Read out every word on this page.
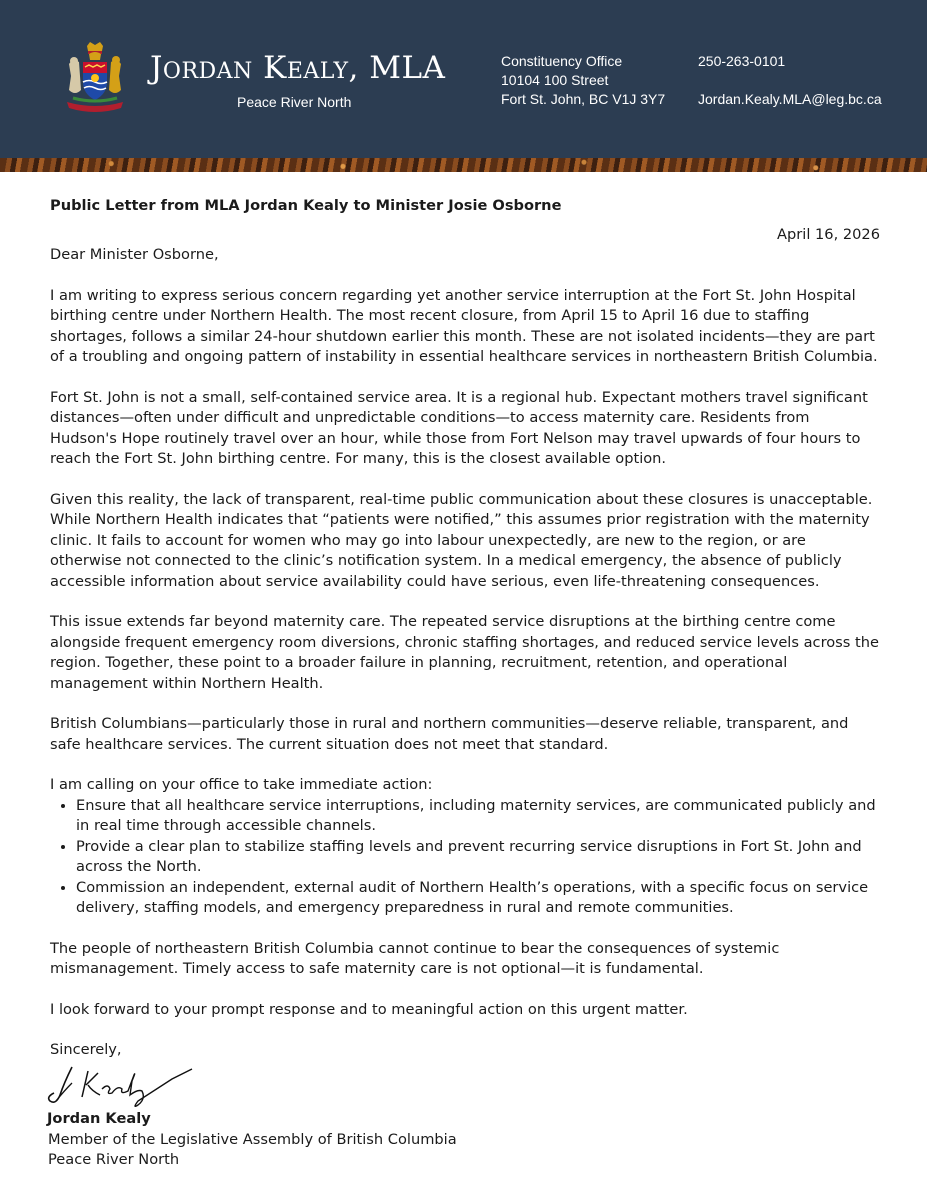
Jordan Kealy, MLA
Peace River North
Constituency Office
10104 100 Street
Fort St. John, BC V1J 3Y7
250-263-0101
Jordan.Kealy.MLA@leg.bc.ca

Public Letter from MLA Jordan Kealy to Minister Josie Osborne

April 16, 2026

Dear Minister Osborne,

I am writing to express serious concern regarding yet another service interruption at the Fort St. John Hospital birthing centre under Northern Health. The most recent closure, from April 15 to April 16 due to staffing shortages, follows a similar 24-hour shutdown earlier this month. These are not isolated incidents—they are part of a troubling and ongoing pattern of instability in essential healthcare services in northeastern British Columbia.

Fort St. John is not a small, self-contained service area. It is a regional hub. Expectant mothers travel significant distances—often under difficult and unpredictable conditions—to access maternity care. Residents from Hudson's Hope routinely travel over an hour, while those from Fort Nelson may travel upwards of four hours to reach the Fort St. John birthing centre. For many, this is the closest available option.

Given this reality, the lack of transparent, real-time public communication about these closures is unacceptable. While Northern Health indicates that “patients were notified,” this assumes prior registration with the maternity clinic. It fails to account for women who may go into labour unexpectedly, are new to the region, or are otherwise not connected to the clinic’s notification system. In a medical emergency, the absence of publicly accessible information about service availability could have serious, even life-threatening consequences.

This issue extends far beyond maternity care. The repeated service disruptions at the birthing centre come alongside frequent emergency room diversions, chronic staffing shortages, and reduced service levels across the region. Together, these point to a broader failure in planning, recruitment, retention, and operational management within Northern Health.

British Columbians—particularly those in rural and northern communities—deserve reliable, transparent, and safe healthcare services. The current situation does not meet that standard.

I am calling on your office to take immediate action:

• Ensure that all healthcare service interruptions, including maternity services, are communicated publicly and in real time through accessible channels.
• Provide a clear plan to stabilize staffing levels and prevent recurring service disruptions in Fort St. John and across the North.
• Commission an independent, external audit of Northern Health’s operations, with a specific focus on service delivery, staffing models, and emergency preparedness in rural and remote communities.

The people of northeastern British Columbia cannot continue to bear the consequences of systemic mismanagement. Timely access to safe maternity care is not optional—it is fundamental.

I look forward to your prompt response and to meaningful action on this urgent matter.

Sincerely,

Jordan Kealy

Member of the Legislative Assembly of British Columbia

Peace River North
